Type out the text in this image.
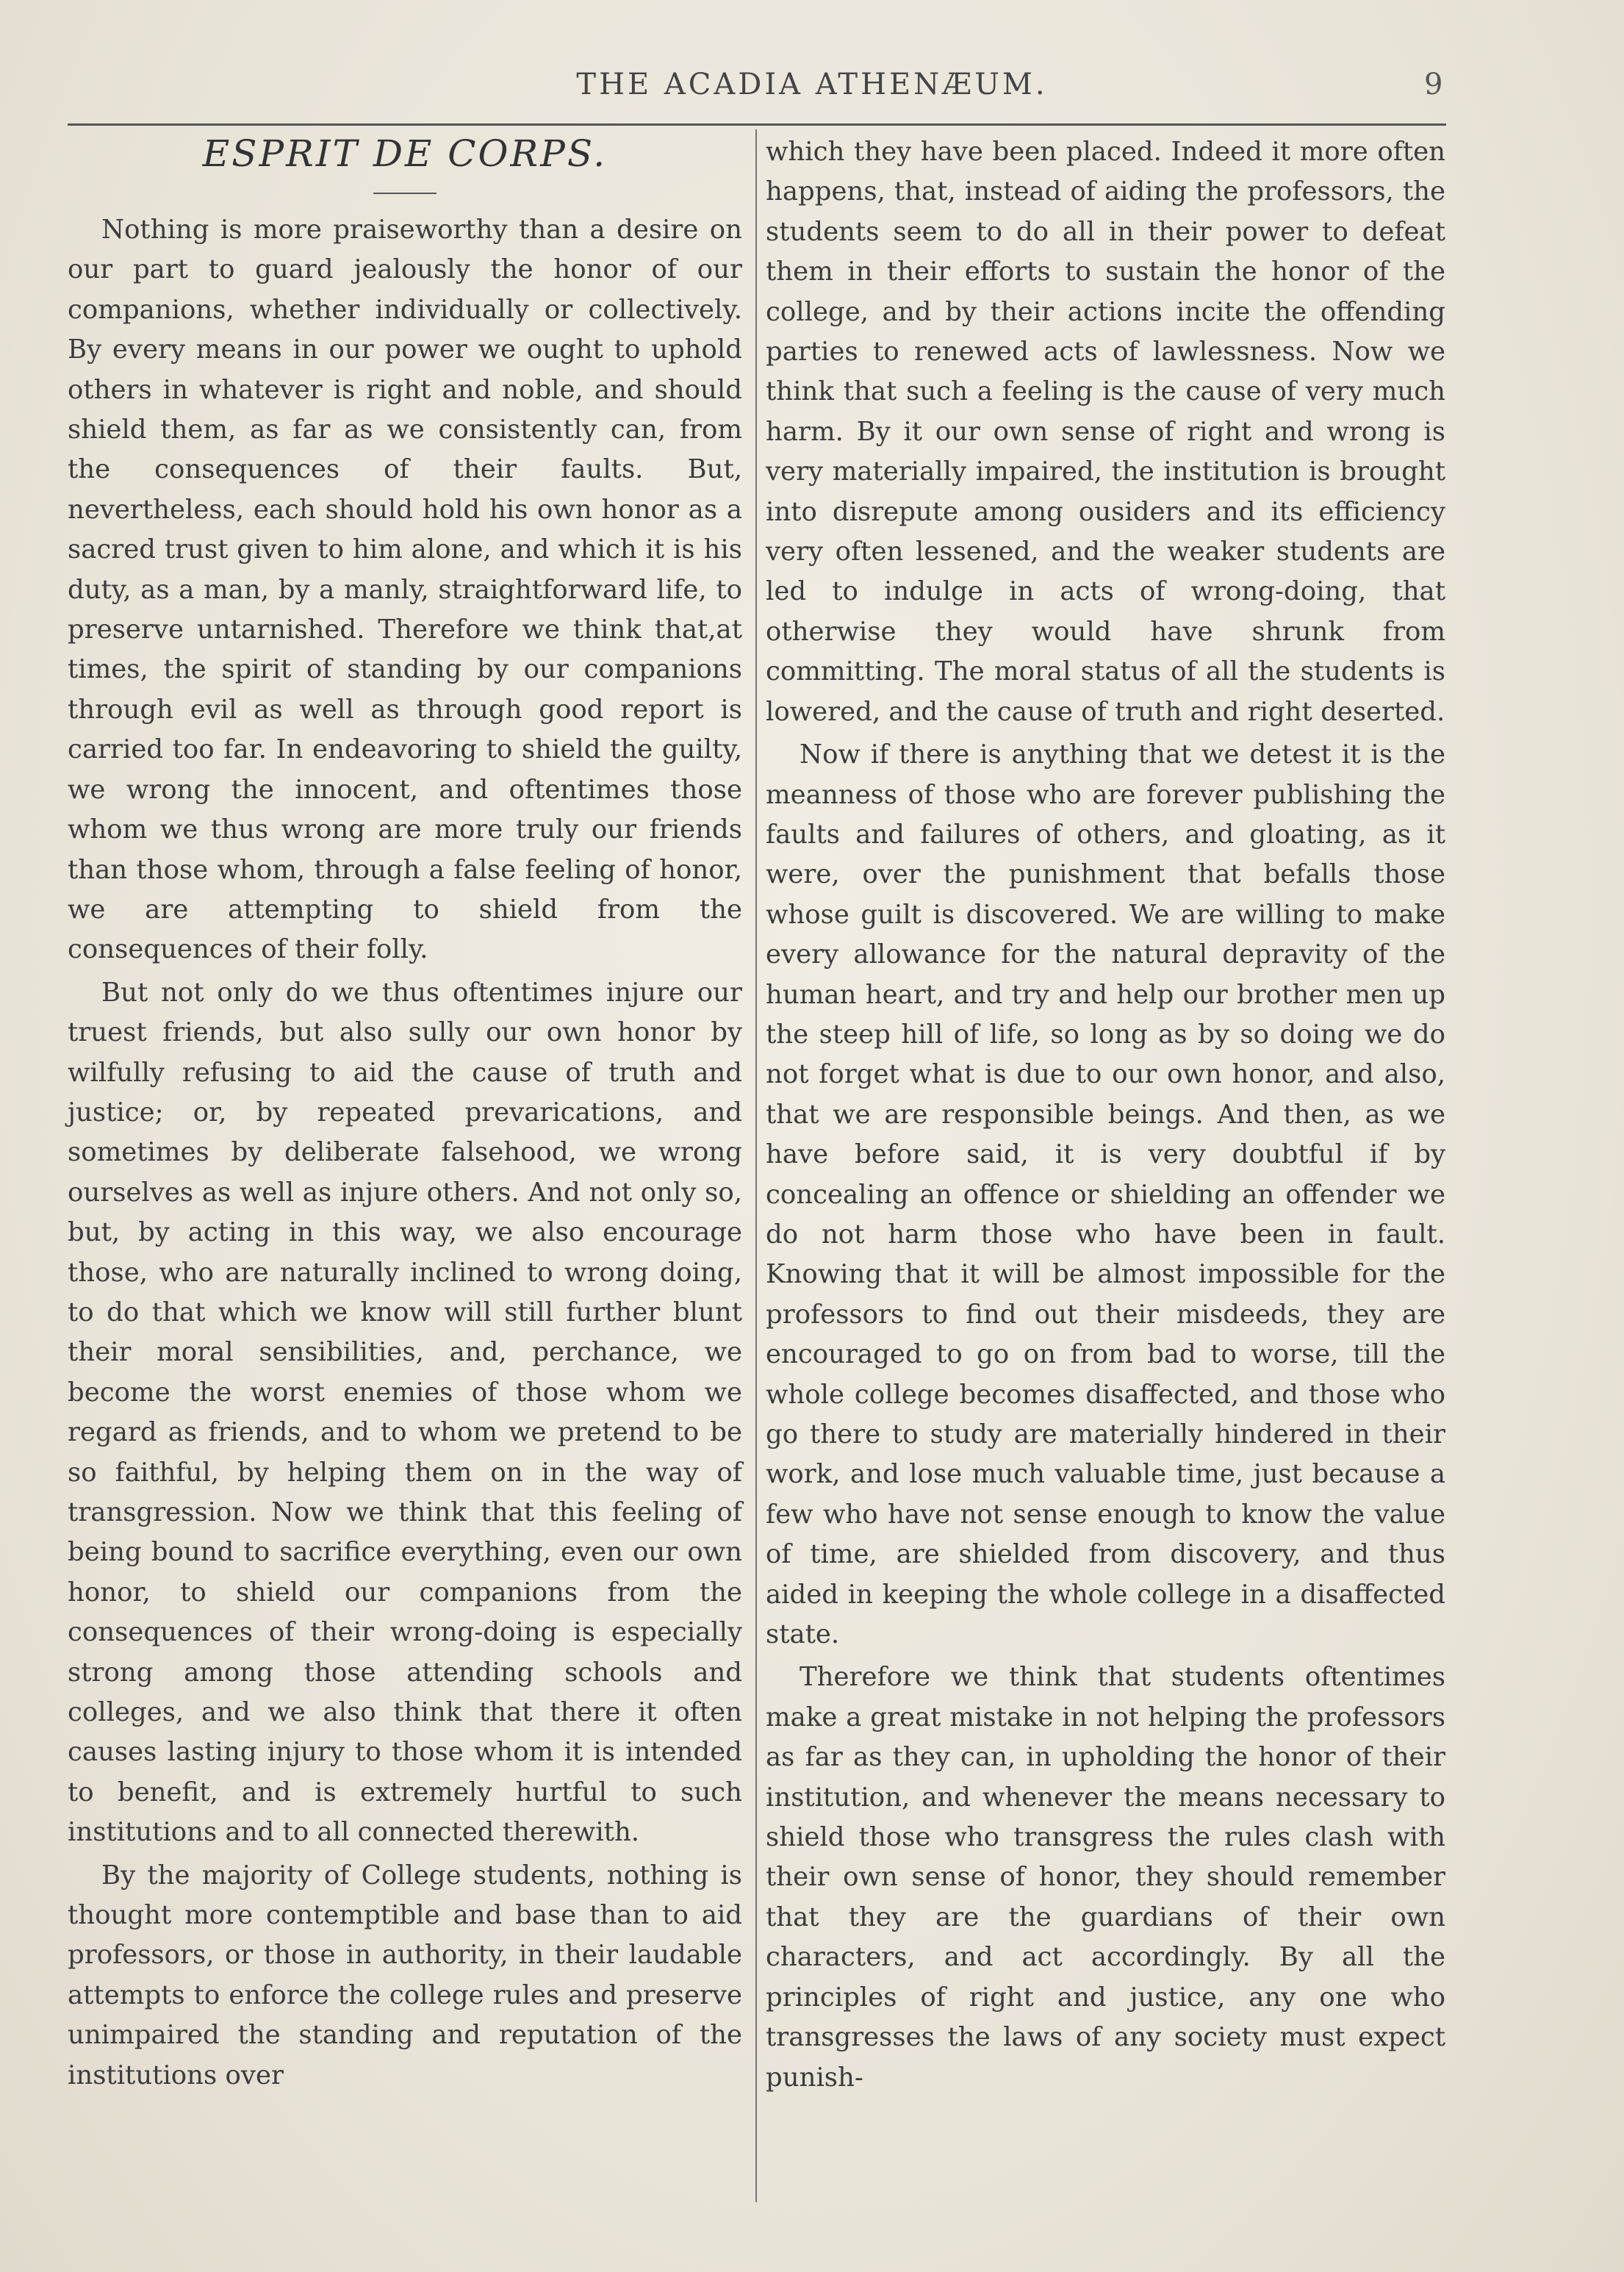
THE ACADIA ATHENÆUM.	9
ESPRIT DE CORPS.

Nothing is more praiseworthy than a desire on our part to guard jealously the honor of our companions, whether individually or collectively. By every means in our power we ought to uphold others in whatever is right and noble, and should shield them, as far as we consistently can, from the consequences of their faults. But, nevertheless, each should hold his own honor as a sacred trust given to him alone, and which it is his duty, as a man, by a manly, straightforward life, to preserve untarnished. Therefore we think that,at times, the spirit of standing by our companions through evil as well as through good report is carried too far. In endeavoring to shield the guilty, we wrong the innocent, and oftentimes those whom we thus wrong are more truly our friends than those whom, through a false feeling of honor, we are attempting to shield from the consequences of their folly.

But not only do we thus oftentimes injure our truest friends, but also sully our own honor by wilfully refusing to aid the cause of truth and justice; or, by repeated prevarications, and sometimes by deliberate falsehood, we wrong ourselves as well as injure others. And not only so, but, by acting in this way, we also encourage those, who are naturally inclined to wrong doing, to do that which we know will still further blunt their moral sensibilities, and, perchance, we become the worst enemies of those whom we regard as friends, and to whom we pretend to be so faithful, by helping them on in the way of transgression. Now we think that this feeling of being bound to sacrifice everything, even our own honor, to shield our companions from the consequences of their wrong-doing is especially strong among those attending schools and colleges, and we also think that there it often causes lasting injury to those whom it is intended to benefit, and is extremely hurtful to such institutions and to all connected therewith.

By the majority of College students, nothing is thought more contemptible and base than to aid professors, or those in authority, in their laudable attempts to enforce the college rules and preserve unimpaired the standing and reputation of the institutions over

which they have been placed. Indeed it more often happens, that, instead of aiding the professors, the students seem to do all in their power to defeat them in their efforts to sustain the honor of the college, and by their actions incite the offending parties to renewed acts of lawlessness. Now we think that such a feeling is the cause of very much harm. By it our own sense of right and wrong is very materially impaired, the institution is brought into disrepute among ousiders and its efficiency very often lessened, and the weaker students are led to indulge in acts of wrong-doing, that otherwise they would have shrunk from committing. The moral status of all the students is lowered, and the cause of truth and right deserted.

Now if there is anything that we detest it is the meanness of those who are forever publishing the faults and failures of others, and gloating, as it were, over the punishment that befalls those whose guilt is discovered. We are willing to make every allowance for the natural depravity of the human heart, and try and help our brother men up the steep hill of life, so long as by so doing we do not forget what is due to our own honor, and also, that we are responsible beings. And then, as we have before said, it is very doubtful if by concealing an offence or shielding an offender we do not harm those who have been in fault. Knowing that it will be almost impossible for the professors to find out their misdeeds, they are encouraged to go on from bad to worse, till the whole college becomes disaffected, and those who go there to study are materially hindered in their work, and lose much valuable time, just because a few who have not sense enough to know the value of time, are shielded from discovery, and thus aided in keeping the whole college in a disaffected state.

Therefore we think that students oftentimes make a great mistake in not helping the professors as far as they can, in upholding the honor of their institution, and whenever the means necessary to shield those who transgress the rules clash with their own sense of honor, they should remember that they are the guardians of their own characters, and act accordingly. By all the principles of right and justice, any one who transgresses the laws of any society must expect punish-
